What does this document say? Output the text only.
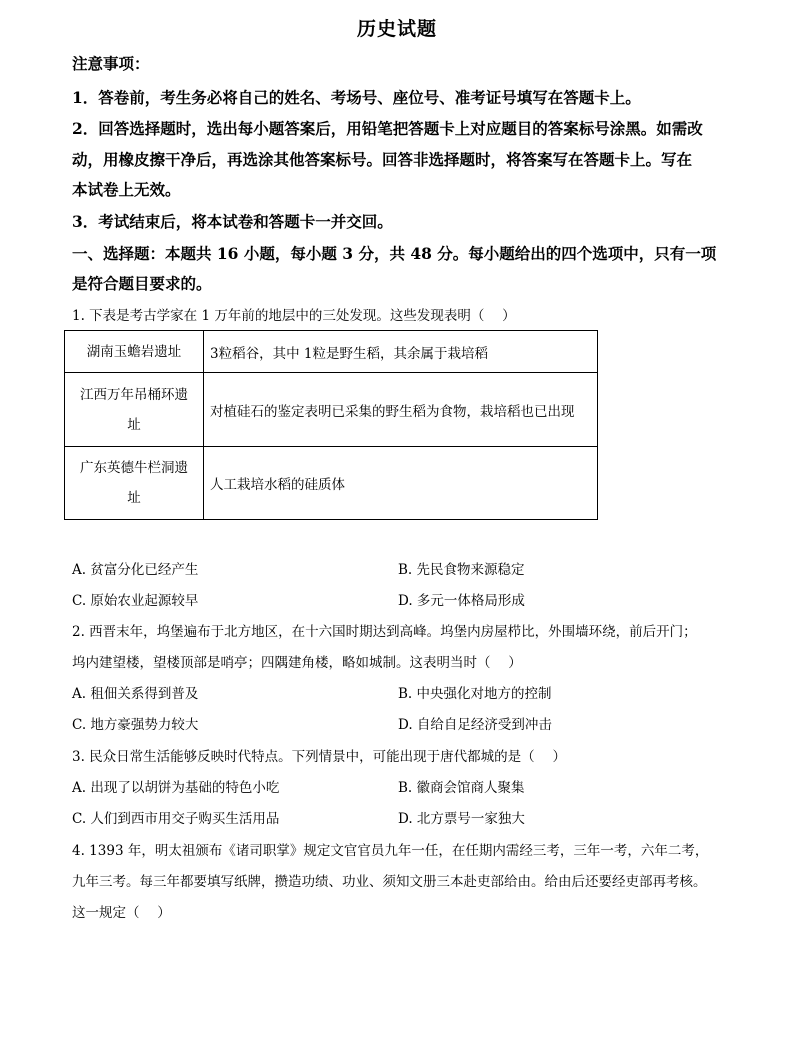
历史试题
注意事项：
1．答卷前，考生务必将自己的姓名、考场号、座位号、准考证号填写在答题卡上。
2．回答选择题时，选出每小题答案后，用铅笔把答题卡上对应题目的答案标号涂黑。如需改
动，用橡皮擦干净后，再选涂其他答案标号。回答非选择题时，将答案写在答题卡上。写在
本试卷上无效。
3．考试结束后，将本试卷和答题卡一并交回。
一、选择题：本题共 16 小题，每小题 3 分，共 48 分。每小题给出的四个选项中，只有一项
是符合题目要求的。
1. 下表是考古学家在 1 万年前的地层中的三处发现。这些发现表明（　 ）
湖南玉蟾岩遗址	3粒稻谷，其中 1粒是野生稻，其余属于栽培稻
江西万年吊桶环遗
址	对植硅石的鉴定表明已采集的野生稻为食物，栽培稻也已出现
广东英德牛栏洞遗
址	人工栽培水稻的硅质体
A. 贫富分化已经产生	B. 先民食物来源稳定
C. 原始农业起源较早	D. 多元一体格局形成
2. 西晋末年，坞堡遍布于北方地区，在十六国时期达到高峰。坞堡内房屋栉比，外围墙环绕，前后开门；
坞内建望楼，望楼顶部是哨亭；四隅建角楼，略如城制。这表明当时（　 ）
A. 租佃关系得到普及	B. 中央强化对地方的控制
C. 地方豪强势力较大	D. 自给自足经济受到冲击
3. 民众日常生活能够反映时代特点。下列情景中，可能出现于唐代都城的是（　 ）
A. 出现了以胡饼为基础的特色小吃	B. 徽商会馆商人聚集
C. 人们到西市用交子购买生活用品	D. 北方票号一家独大
4. 1393 年，明太祖颁布《诸司职掌》规定文官官员九年一任，在任期内需经三考，三年一考，六年二考，
九年三考。每三年都要填写纸牌，攒造功绩、功业、须知文册三本赴吏部给由。给由后还要经吏部再考核。
这一规定（　 ）
